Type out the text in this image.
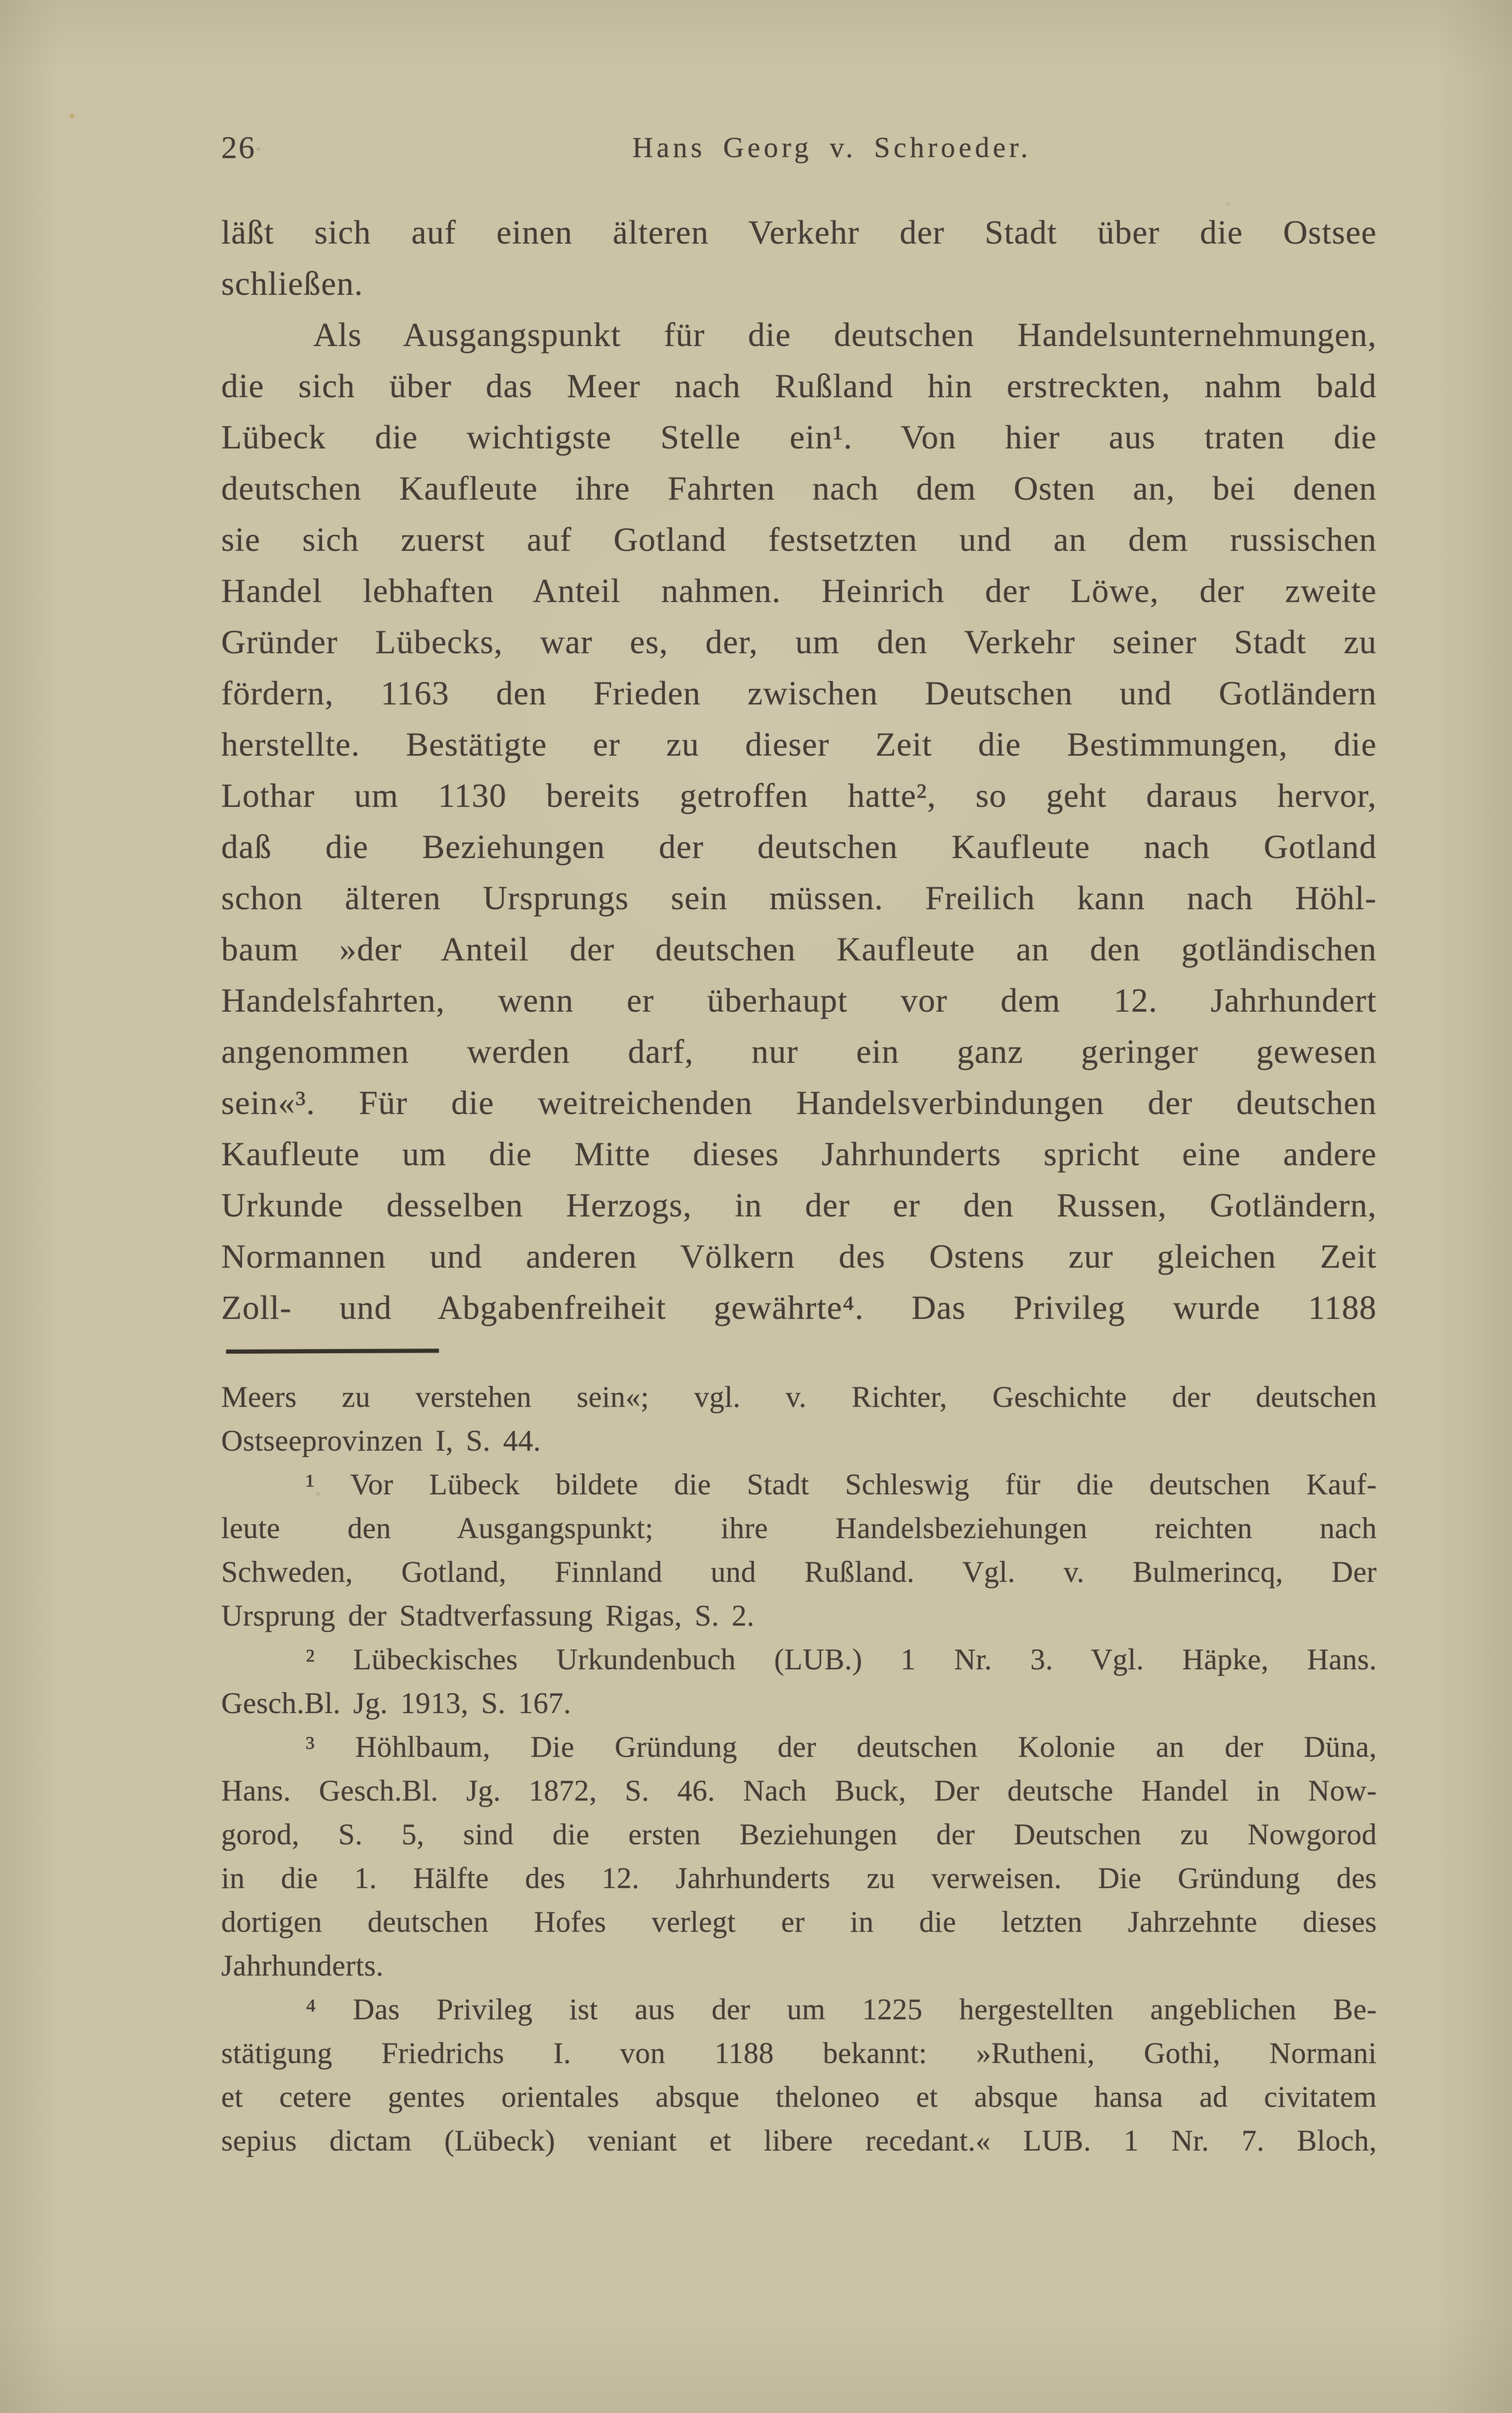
26	Hans Georg v. Schroeder.
läßt sich auf einen älteren Verkehr der Stadt über die Ostsee
schließen.
Als Ausgangspunkt für die deutschen Handelsunternehmungen,
die sich über das Meer nach Rußland hin erstreckten, nahm bald
Lübeck die wichtigste Stelle ein¹. Von hier aus traten die
deutschen Kaufleute ihre Fahrten nach dem Osten an, bei denen
sie sich zuerst auf Gotland festsetzten und an dem russischen
Handel lebhaften Anteil nahmen. Heinrich der Löwe, der zweite
Gründer Lübecks, war es, der, um den Verkehr seiner Stadt zu
fördern, 1163 den Frieden zwischen Deutschen und Gotländern
herstellte. Bestätigte er zu dieser Zeit die Bestimmungen, die
Lothar um 1130 bereits getroffen hatte², so geht daraus hervor,
daß die Beziehungen der deutschen Kaufleute nach Gotland
schon älteren Ursprungs sein müssen. Freilich kann nach Höhl-
baum »der Anteil der deutschen Kaufleute an den gotländischen
Handelsfahrten, wenn er überhaupt vor dem 12. Jahrhundert
angenommen werden darf, nur ein ganz geringer gewesen
sein«³. Für die weitreichenden Handelsverbindungen der deutschen
Kaufleute um die Mitte dieses Jahrhunderts spricht eine andere
Urkunde desselben Herzogs, in der er den Russen, Gotländern,
Normannen und anderen Völkern des Ostens zur gleichen Zeit
Zoll- und Abgabenfreiheit gewährte⁴. Das Privileg wurde 1188
Meers zu verstehen sein«; vgl. v. Richter, Geschichte der deutschen
Ostseeprovinzen I, S. 44.
¹ Vor Lübeck bildete die Stadt Schleswig für die deutschen Kauf-
leute den Ausgangspunkt; ihre Handelsbeziehungen reichten nach
Schweden, Gotland, Finnland und Rußland. Vgl. v. Bulmerincq, Der
Ursprung der Stadtverfassung Rigas, S. 2.
² Lübeckisches Urkundenbuch (LUB.) 1 Nr. 3. Vgl. Häpke, Hans.
Gesch.Bl. Jg. 1913, S. 167.
³ Höhlbaum, Die Gründung der deutschen Kolonie an der Düna,
Hans. Gesch.Bl. Jg. 1872, S. 46. Nach Buck, Der deutsche Handel in Now-
gorod, S. 5, sind die ersten Beziehungen der Deutschen zu Nowgorod
in die 1. Hälfte des 12. Jahrhunderts zu verweisen. Die Gründung des
dortigen deutschen Hofes verlegt er in die letzten Jahrzehnte dieses
Jahrhunderts.
⁴ Das Privileg ist aus der um 1225 hergestellten angeblichen Be-
stätigung Friedrichs I. von 1188 bekannt: »Rutheni, Gothi, Normani
et cetere gentes orientales absque theloneo et absque hansa ad civitatem
sepius dictam (Lübeck) veniant et libere recedant.« LUB. 1 Nr. 7. Bloch,
